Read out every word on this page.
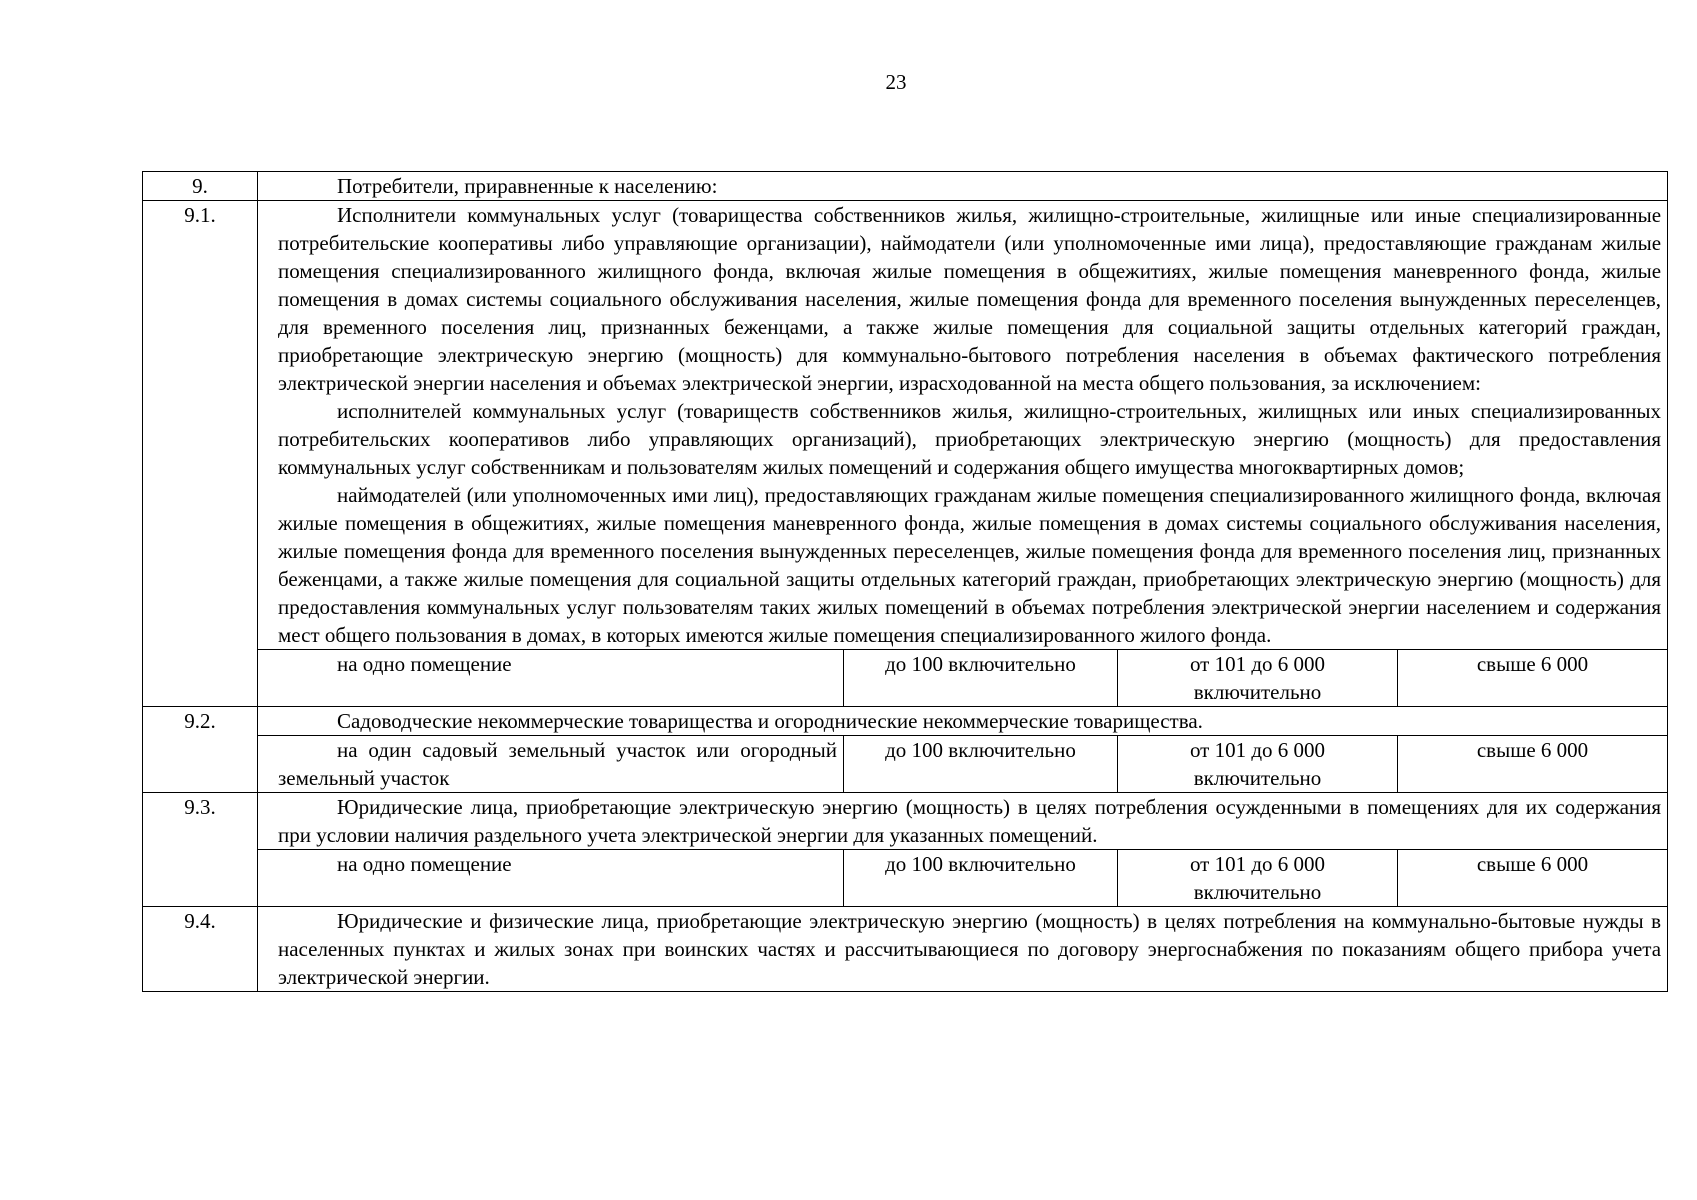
23
9.	Потребители, приравненные к населению:			

9.1.	Исполнители коммунальных услуг (товарищества собственников жилья, жилищно-строительные, жилищные или иные специализированные потребительские кооперативы либо управляющие организации), наймодатели (или уполномоченные ими лица), предоставляющие гражданам жилые помещения специализированного жилищного фонда, включая жилые помещения в общежитиях, жилые помещения маневренного фонда, жилые помещения в домах системы социального обслуживания населения, жилые помещения фонда для временного поселения вынужденных переселенцев, для временного поселения лиц, признанных беженцами, а также жилые помещения для социальной защиты отдельных категорий граждан, приобретающие электрическую энергию (мощность) для коммунально-бытового потребления населения в объемах фактического потребления электрической энергии населения и объемах электрической энергии, израсходованной на места общего пользования, за исключением:

исполнителей коммунальных услуг (товариществ собственников жилья, жилищно-строительных, жилищных или иных специализированных потребительских кооперативов либо управляющих организаций), приобретающих электрическую энергию (мощность) для предоставления коммунальных услуг собственникам и пользователям жилых помещений и содержания общего имущества многоквартирных домов;

наймодателей (или уполномоченных ими лиц), предоставляющих гражданам жилые помещения специализированного жилищного фонда, включая жилые помещения в общежитиях, жилые помещения маневренного фонда, жилые помещения в домах системы социального обслуживания населения, жилые помещения фонда для временного поселения вынужденных переселенцев, жилые помещения фонда для временного поселения лиц, признанных беженцами, а также жилые помещения для социальной защиты отдельных категорий граждан, приобретающих электрическую энергию (мощность) для предоставления коммунальных услуг пользователям таких жилых помещений в объемах потребления электрической энергии населением и содержания мест общего пользования в домах, в которых имеются жилые помещения специализированного жилого фонда.			

	на одно помещение	до 100 включительно	от 101 до 6 000 включительно	свыше 6 000
9.2.	Садоводческие некоммерческие товарищества и огороднические некоммерческие товарищества.			

	на один садовый земельный участок или огородный земельный участок	до 100 включительно	от 101 до 6 000 включительно	свыше 6 000
9.3.	Юридические лица, приобретающие электрическую энергию (мощность) в целях потребления осужденными в помещениях для их содержания при условии наличия раздельного учета электрической энергии для указанных помещений.			

	на одно помещение	до 100 включительно	от 101 до 6 000 включительно	свыше 6 000
9.4.	Юридические и физические лица, приобретающие электрическую энергию (мощность) в целях потребления на коммунально-бытовые нужды в населенных пунктах и жилых зонах при воинских частях и рассчитывающиеся по договору энергоснабжения по показаниям общего прибора учета электрической энергии.			
